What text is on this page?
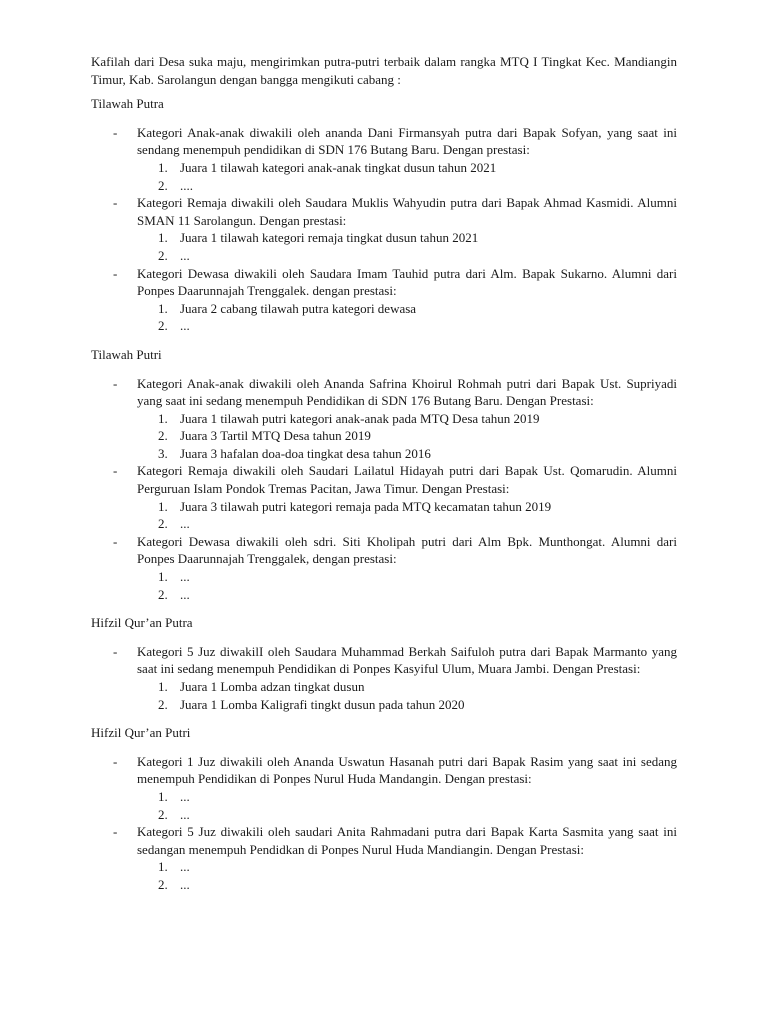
Kafilah dari Desa suka maju, mengirimkan putra-putri terbaik dalam rangka MTQ I Tingkat Kec. Mandiangin Timur, Kab. Sarolangun dengan bangga mengikuti cabang :

Tilawah Putra

- Kategori Anak-anak diwakili oleh ananda Dani Firmansyah putra dari Bapak Sofyan, yang saat ini sendang menempuh pendidikan di SDN 176 Butang Baru. Dengan prestasi:
1. Juara 1 tilawah kategori anak-anak tingkat dusun tahun 2021
2. ....
- Kategori Remaja diwakili oleh Saudara Muklis Wahyudin putra dari Bapak Ahmad Kasmidi. Alumni SMAN 11 Sarolangun. Dengan prestasi:
1. Juara 1 tilawah kategori remaja tingkat dusun tahun 2021
2. ...
- Kategori Dewasa diwakili oleh Saudara Imam Tauhid putra dari Alm. Bapak Sukarno. Alumni dari Ponpes Daarunnajah Trenggalek. dengan prestasi:
1. Juara 2 cabang tilawah putra kategori dewasa
2. ...

Tilawah Putri

- Kategori Anak-anak diwakili oleh Ananda Safrina Khoirul Rohmah putri dari Bapak Ust. Supriyadi yang saat ini sedang menempuh Pendidikan di SDN 176 Butang Baru. Dengan Prestasi:
1. Juara 1 tilawah putri kategori anak-anak pada MTQ Desa tahun 2019
2. Juara 3 Tartil MTQ Desa tahun 2019
3. Juara 3 hafalan doa-doa tingkat desa tahun 2016
- Kategori Remaja diwakili oleh Saudari Lailatul Hidayah putri dari Bapak Ust. Qomarudin. Alumni Perguruan Islam Pondok Tremas Pacitan, Jawa Timur. Dengan Prestasi:
1. Juara 3 tilawah putri kategori remaja pada MTQ kecamatan tahun 2019
2. ...
- Kategori Dewasa diwakili oleh sdri. Siti Kholipah putri dari Alm Bpk. Munthongat. Alumni dari Ponpes Daarunnajah Trenggalek, dengan prestasi:
1. ...
2. ...

Hifzil Qur’an Putra

- Kategori 5 Juz diwakilI oleh Saudara Muhammad Berkah Saifuloh putra dari Bapak Marmanto yang saat ini sedang menempuh Pendidikan di Ponpes Kasyiful Ulum, Muara Jambi. Dengan Prestasi:
1. Juara 1 Lomba adzan tingkat dusun
2. Juara 1 Lomba Kaligrafi tingkt dusun pada tahun 2020

Hifzil Qur’an Putri

- Kategori 1 Juz diwakili oleh Ananda Uswatun Hasanah putri dari Bapak Rasim yang saat ini sedang menempuh Pendidikan di Ponpes Nurul Huda Mandangin. Dengan prestasi:
1. ...
2. ...
- Kategori 5 Juz diwakili oleh saudari Anita Rahmadani putra dari Bapak Karta Sasmita yang saat ini sedangan menempuh Pendidkan di Ponpes Nurul Huda Mandiangin. Dengan Prestasi:
1. ...
2. ...
